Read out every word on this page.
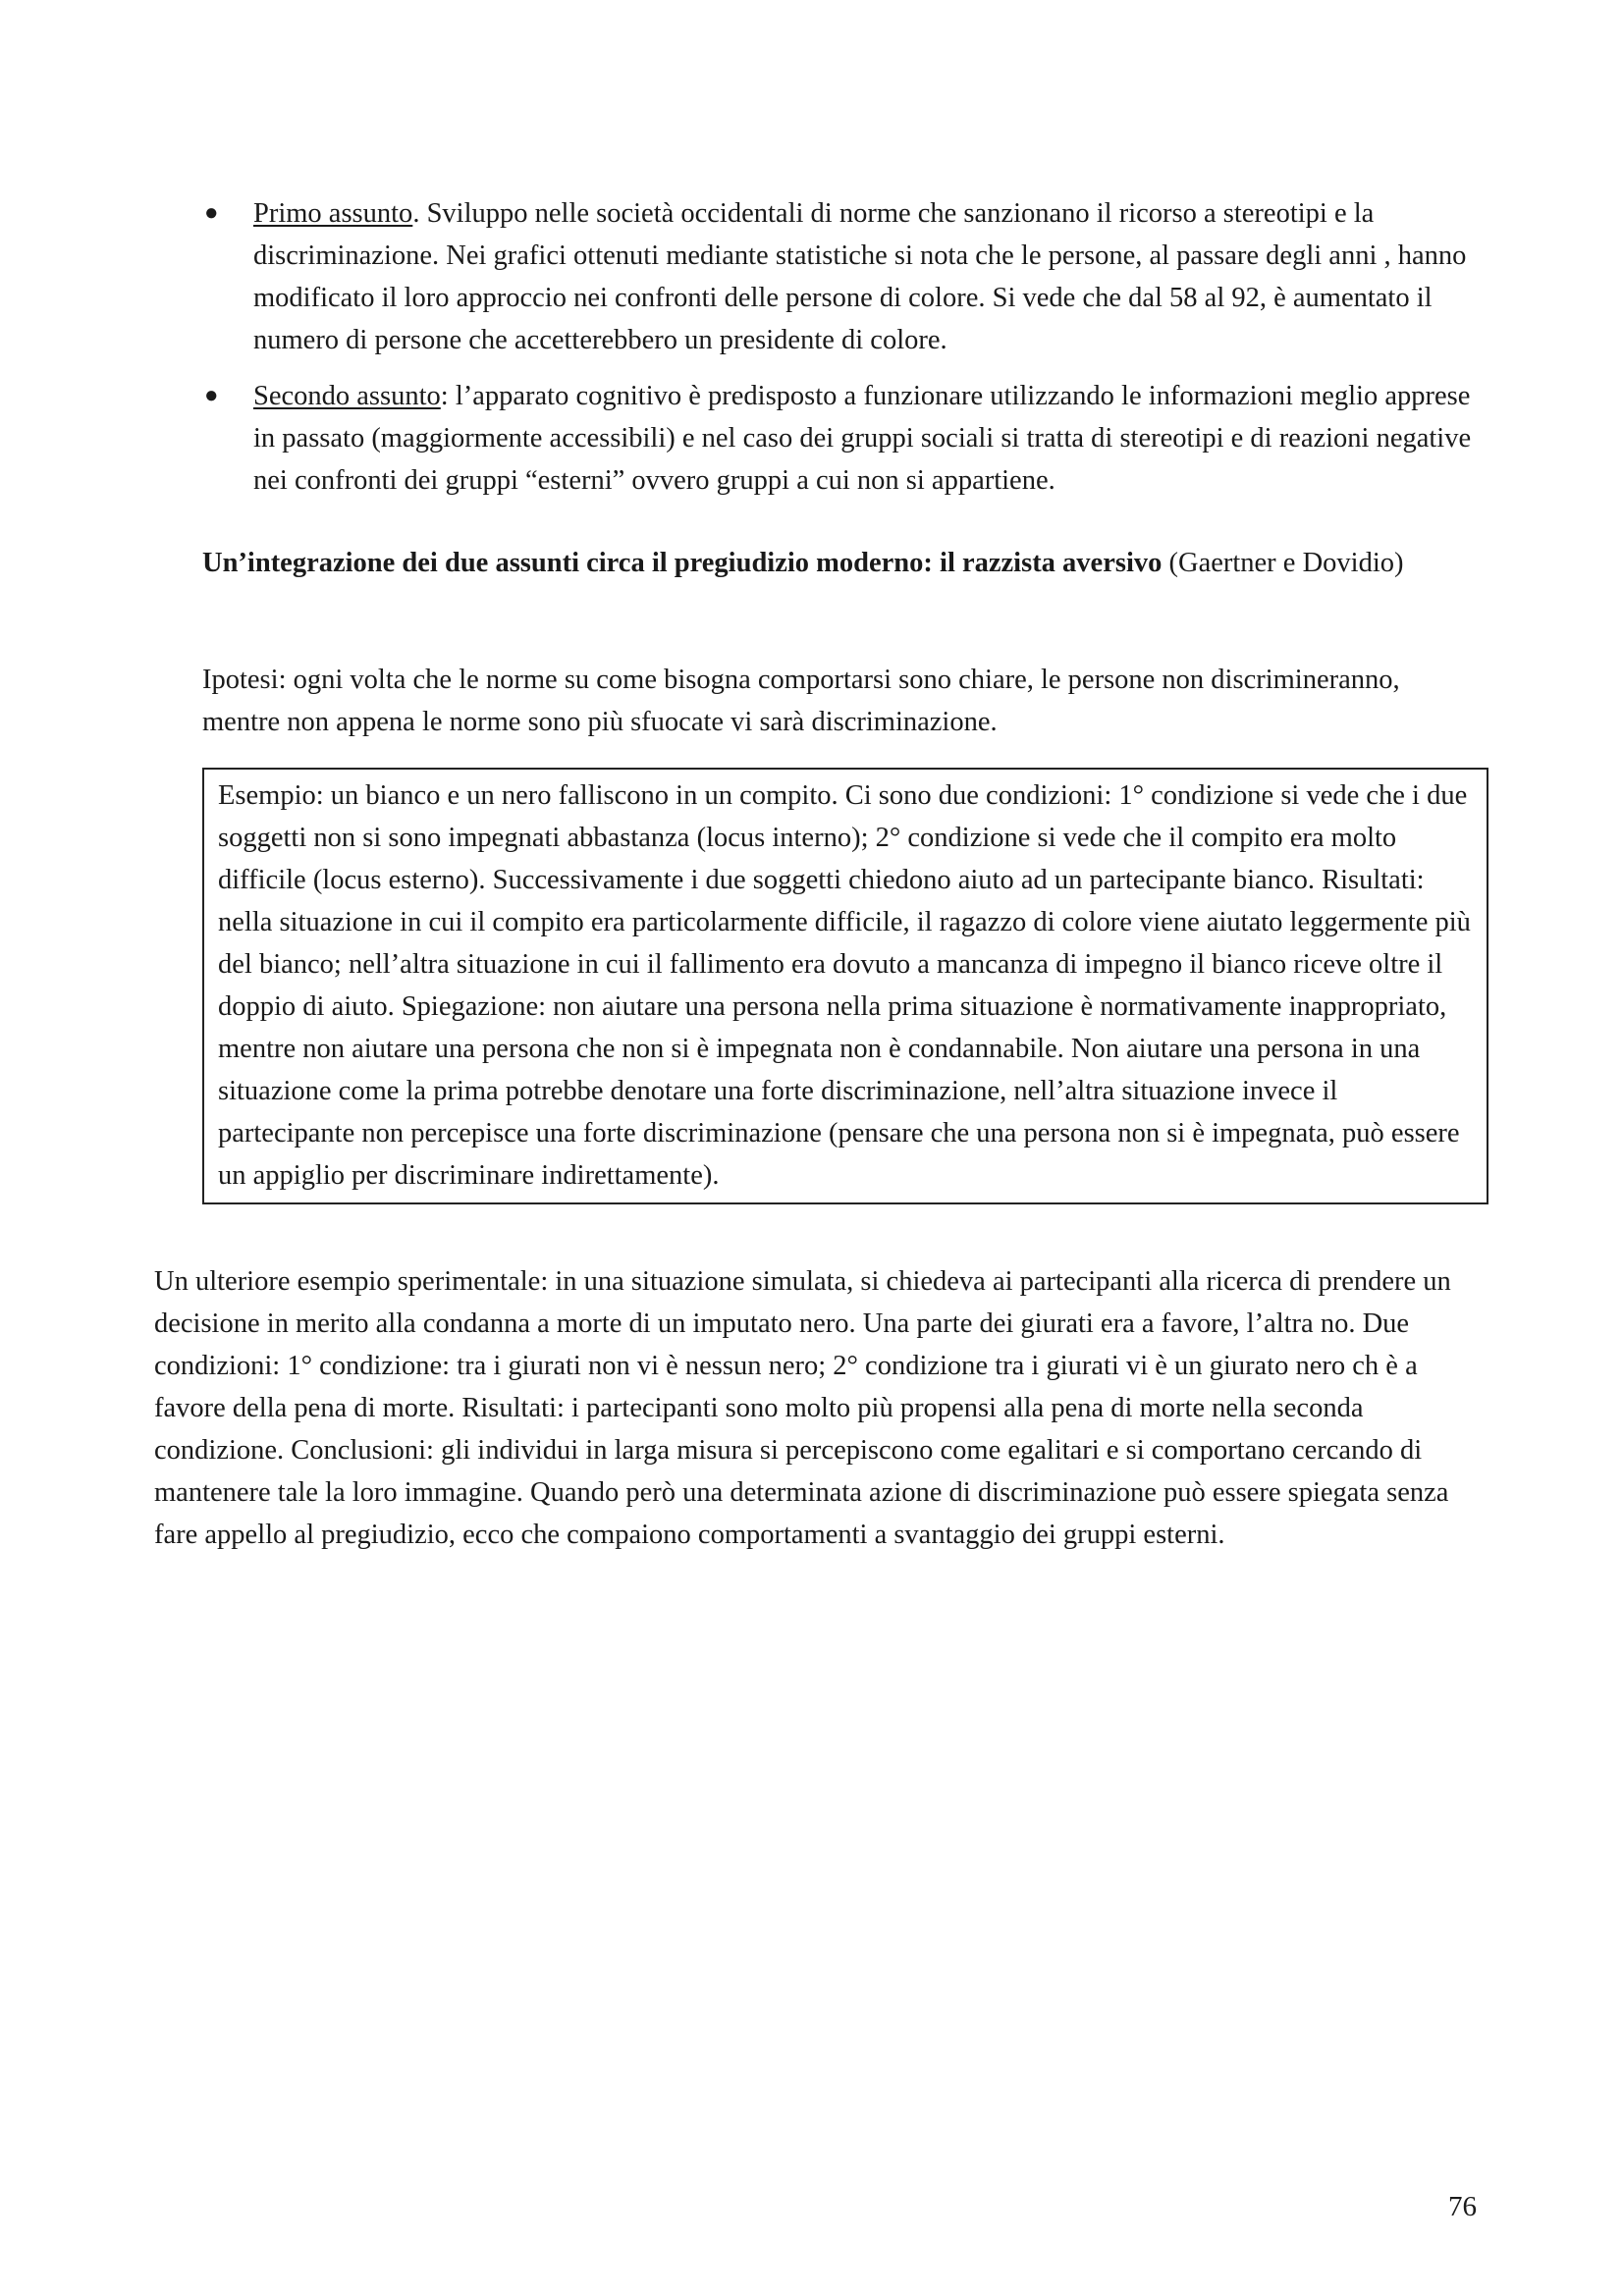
● Primo assunto. Sviluppo nelle società occidentali di norme che sanzionano il ricorso a stereotipi e la discriminazione. Nei grafici ottenuti mediante statistiche si nota che le persone, al passare degli anni , hanno modificato il loro approccio nei confronti delle persone di colore. Si vede che dal 58 al 92, è aumentato il numero di persone che accetterebbero un presidente di colore.
● Secondo assunto: l’apparato cognitivo è predisposto a funzionare utilizzando le informazioni meglio apprese in passato (maggiormente accessibili) e nel caso dei gruppi sociali si tratta di stereotipi e di reazioni negative nei confronti dei gruppi “esterni” ovvero gruppi a cui non si appartiene.
Un’integrazione dei due assunti circa il pregiudizio moderno: il razzista aversivo (Gaertner e Dovidio)
Ipotesi: ogni volta che le norme su come bisogna comportarsi sono chiare, le persone non discrimineranno, mentre non appena le norme sono più sfuocate vi sarà discriminazione.
Esempio: un bianco e un nero falliscono in un compito. Ci sono due condizioni: 1° condizione si vede che i due soggetti non si sono impegnati abbastanza (locus interno); 2° condizione si vede che il compito era molto difficile (locus esterno). Successivamente i due soggetti chiedono aiuto ad un partecipante bianco. Risultati: nella situazione in cui il compito era particolarmente difficile, il ragazzo di colore viene aiutato leggermente più del bianco; nell’altra situazione in cui il fallimento era dovuto a mancanza di impegno il bianco riceve oltre il doppio di aiuto. Spiegazione: non aiutare una persona nella prima situazione è normativamente inappropriato, mentre non aiutare una persona che non si è impegnata non è condannabile. Non aiutare una persona in una situazione come la prima potrebbe denotare una forte discriminazione, nell’altra situazione invece il partecipante non percepisce una forte discriminazione (pensare che una persona non si è impegnata, può essere un appiglio per discriminare indirettamente).
Un ulteriore esempio sperimentale: in una situazione simulata, si chiedeva ai partecipanti alla ricerca di prendere un decisione in merito alla condanna a morte di un imputato nero. Una parte dei giurati era a favore, l’altra no. Due condizioni: 1° condizione: tra i giurati non vi è nessun nero; 2° condizione tra i giurati vi è un giurato nero ch è a favore della pena di morte. Risultati: i partecipanti sono molto più propensi alla pena di morte nella seconda condizione. Conclusioni: gli individui in larga misura si percepiscono come egalitari e si comportano cercando di mantenere tale la loro immagine. Quando però una determinata azione di discriminazione può essere spiegata senza fare appello al pregiudizio, ecco che compaiono comportamenti a svantaggio dei gruppi esterni.
76
